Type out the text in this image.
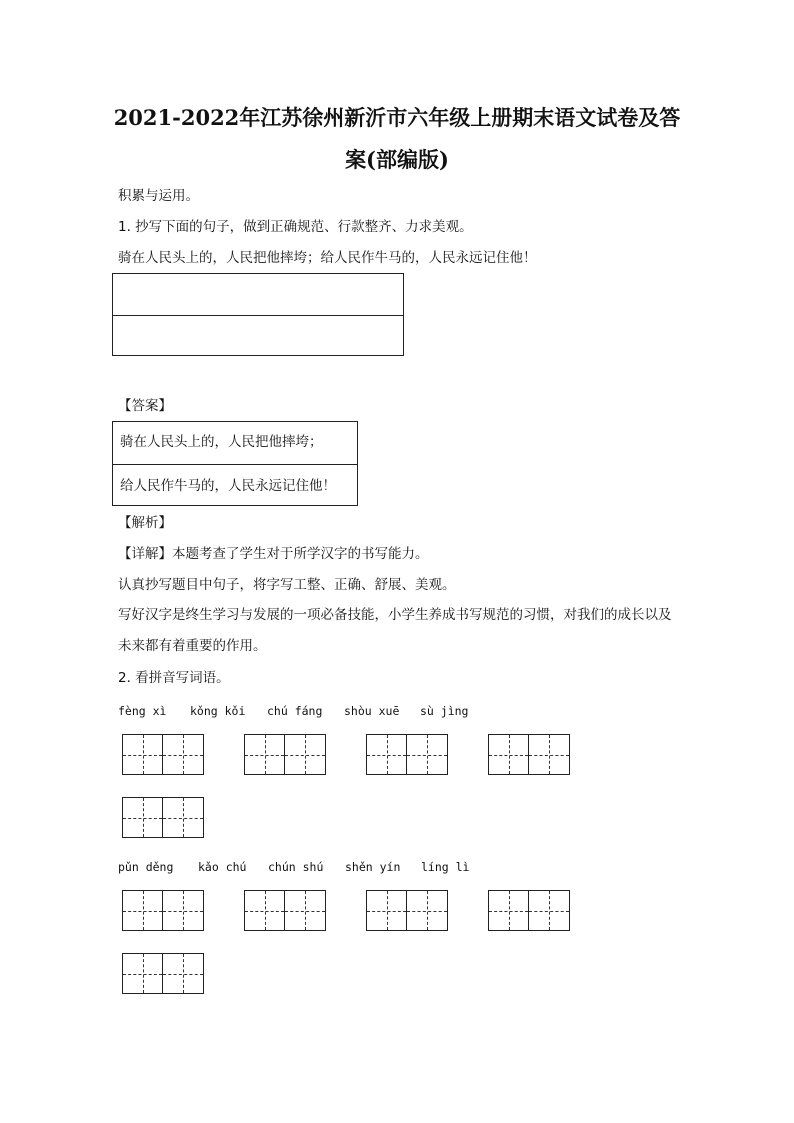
2021-2022年江苏徐州新沂市六年级上册期末语文试卷及答
案(部编版)
积累与运用。
1. 抄写下面的句子，做到正确规范、行款整齐、力求美观。
骑在人民头上的，人民把他摔垮；给人民作牛马的，人民永远记住他！
【答案】
骑在人民头上的，人民把他摔垮；
给人民作牛马的，人民永远记住他！
【解析】
【详解】本题考查了学生对于所学汉字的书写能力。
认真抄写题目中句子，将字写工整、正确、舒展、美观。
写好汉字是终生学习与发展的一项必备技能，小学生养成书写规范的习惯，对我们的成长以及未来都有着重要的作用。
2. 看拼音写词语。
fèng xì kǒng kǒi chú fáng shòu xuē sù jìng
pǔn děng kǎo chú chún shú shěn yín líng lì
